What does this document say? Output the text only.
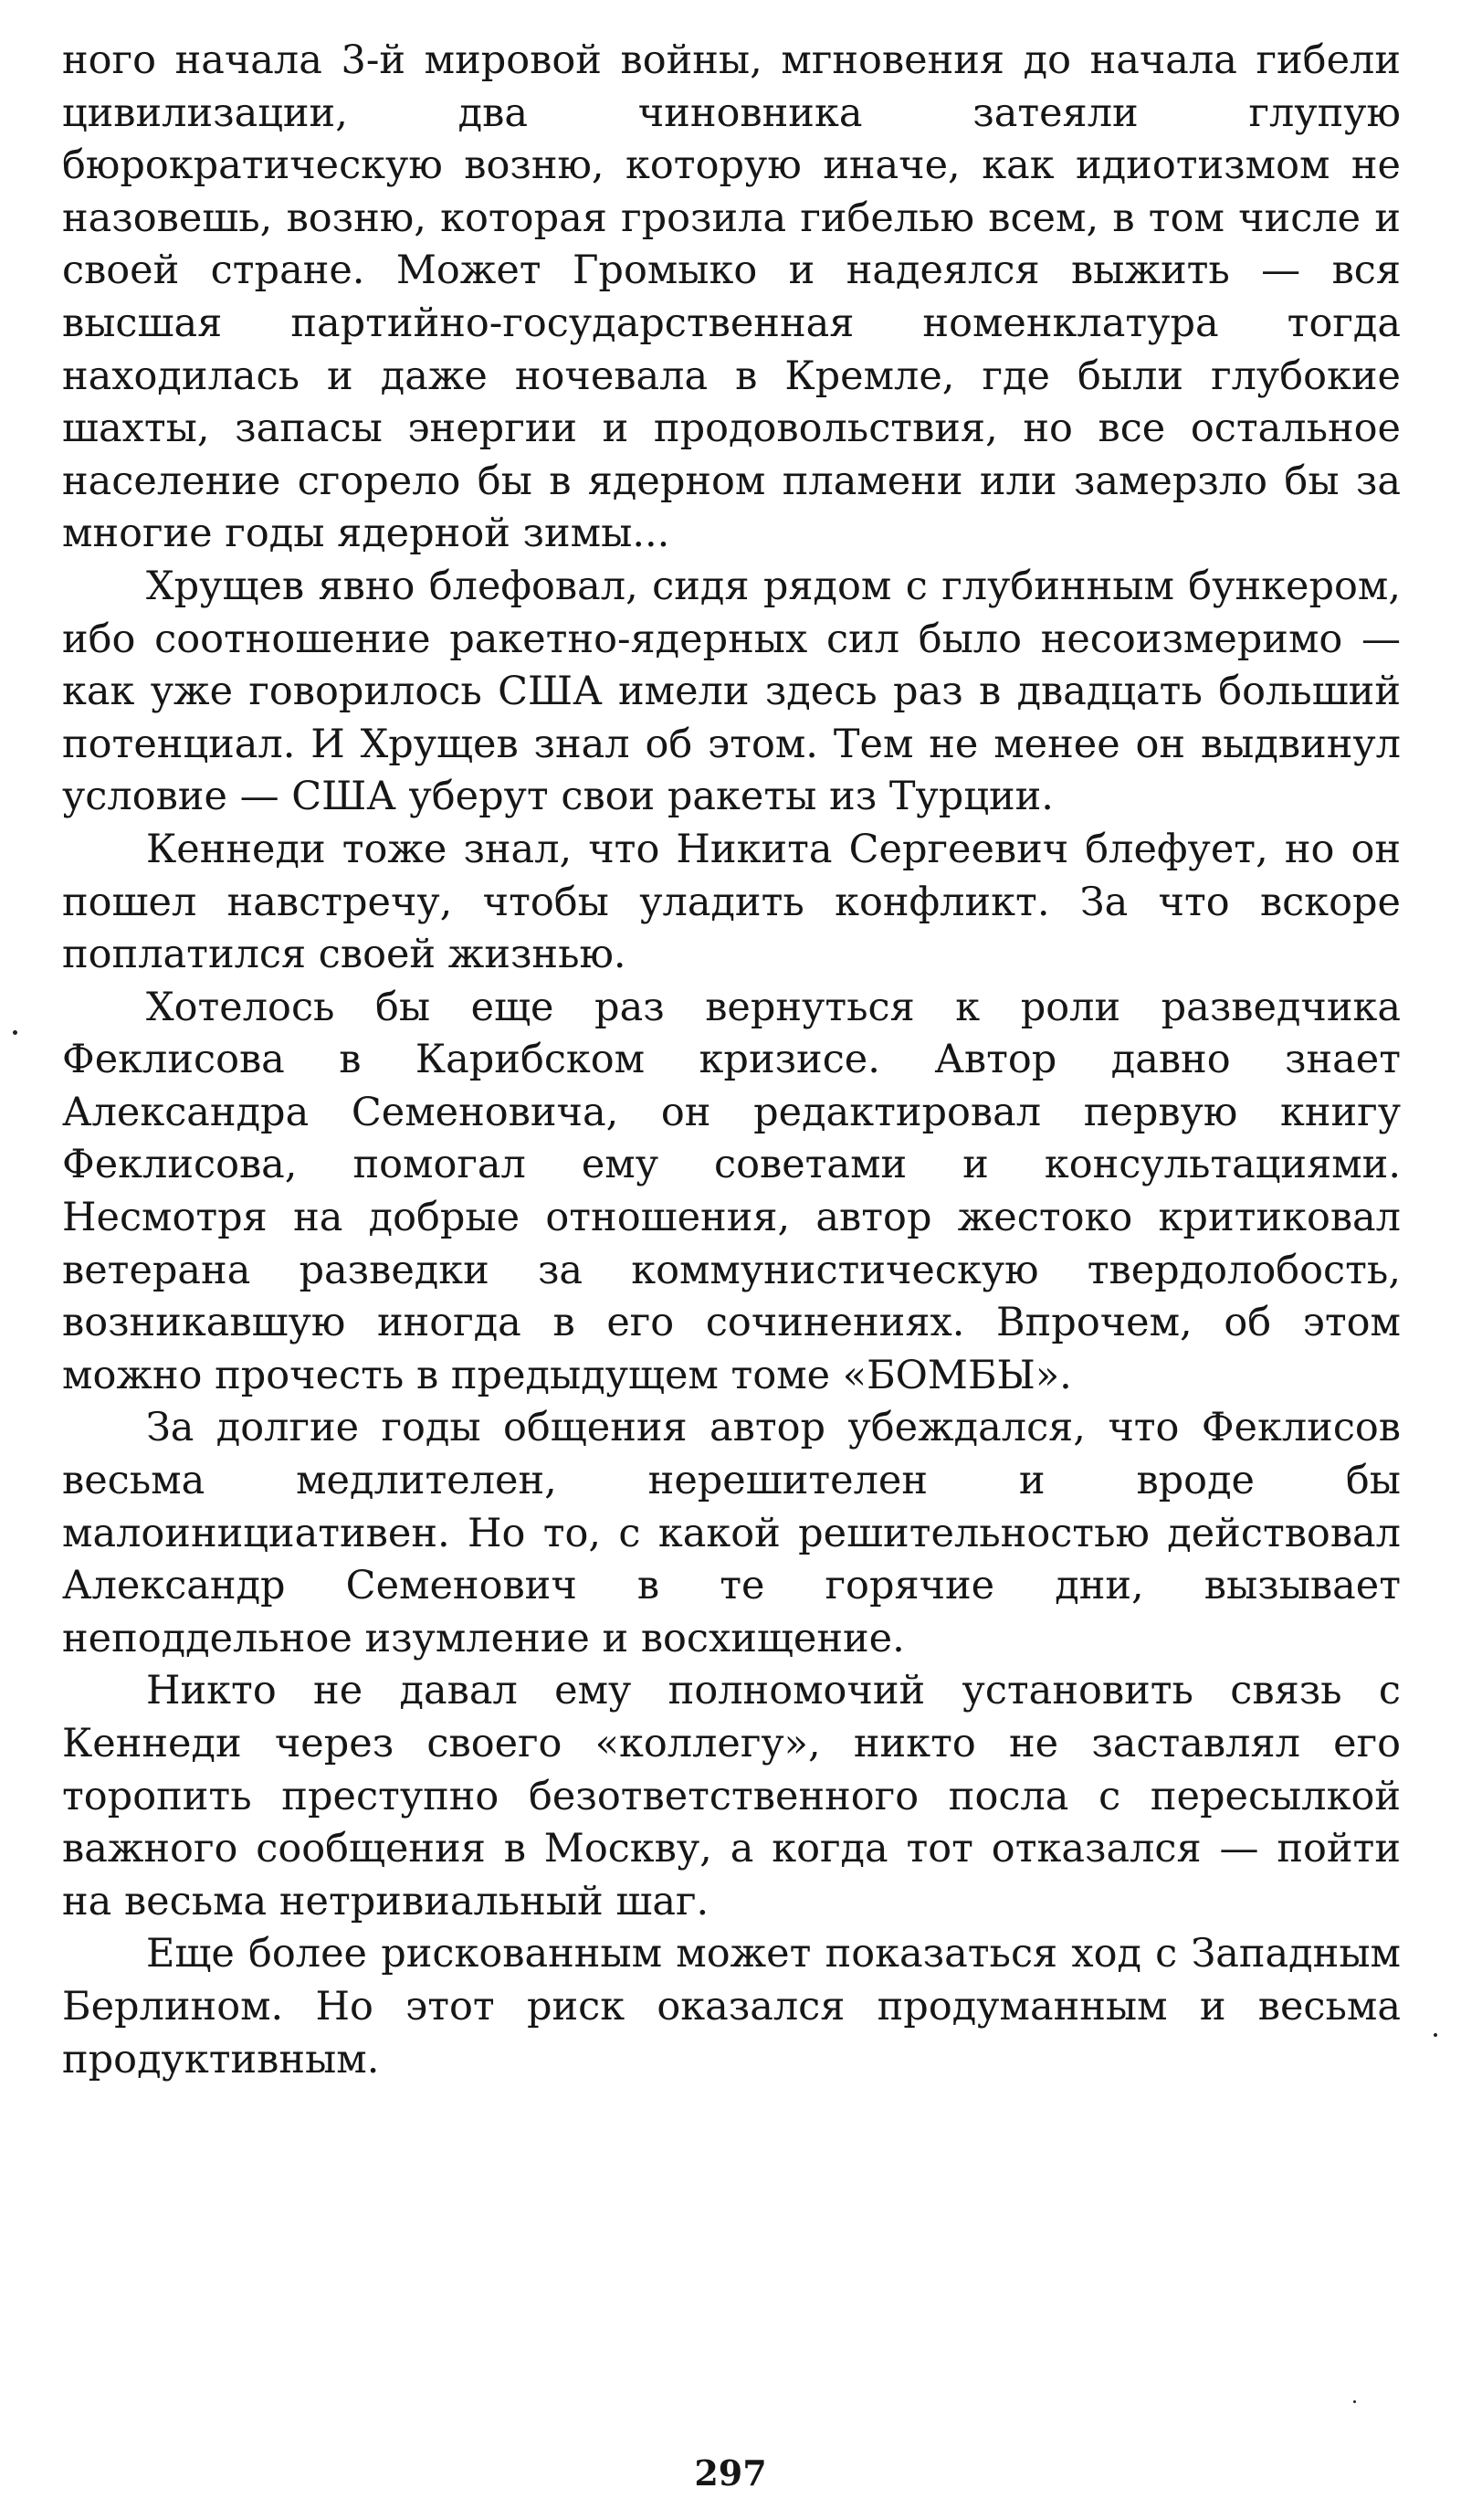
ного начала 3-й мировой войны, мгновения до начала гибели цивилизации, два чиновника затеяли глупую бюрократическую возню, которую иначе, как идиотизмом не назовешь, возню, которая грозила гибелью всем, в том числе и своей стране. Может Громыко и надеялся выжить — вся высшая партийно-государственная номенклатура тогда находилась и даже ночевала в Кремле, где были глубокие шахты, запасы энергии и продовольствия, но все остальное население сгорело бы в ядерном пламени или замерзло бы за многие годы ядерной зимы...

Хрущев явно блефовал, сидя рядом с глубинным бункером, ибо соотношение ракетно-ядерных сил было несоизмеримо — как уже говорилось США имели здесь раз в двадцать больший потенциал. И Хрущев знал об этом. Тем не менее он выдвинул условие — США уберут свои ракеты из Турции.

Кеннеди тоже знал, что Никита Сергеевич блефует, но он пошел навстречу, чтобы уладить конфликт. За что вскоре поплатился своей жизнью.

Хотелось бы еще раз вернуться к роли разведчика Феклисова в Карибском кризисе. Автор давно знает Александра Семеновича, он редактировал первую книгу Феклисова, помогал ему советами и консультациями. Несмотря на добрые отношения, автор жестоко критиковал ветерана разведки за коммунистическую твердолобость, возникавшую иногда в его сочинениях. Впрочем, об этом можно прочесть в предыдущем томе «БОМБЫ».

За долгие годы общения автор убеждался, что Феклисов весьма медлителен, нерешителен и вроде бы малоинициативен. Но то, с какой решительностью действовал Александр Семенович в те горячие дни, вызывает неподдельное изумление и восхищение.

Никто не давал ему полномочий установить связь с Кеннеди через своего «коллегу», никто не заставлял его торопить преступно безответственного посла с пересылкой важного сообщения в Москву, а когда тот отказался — пойти на весьма нетривиальный шаг.

Еще более рискованным может показаться ход с Западным Берлином. Но этот риск оказался продуманным и весьма продуктивным.

297
